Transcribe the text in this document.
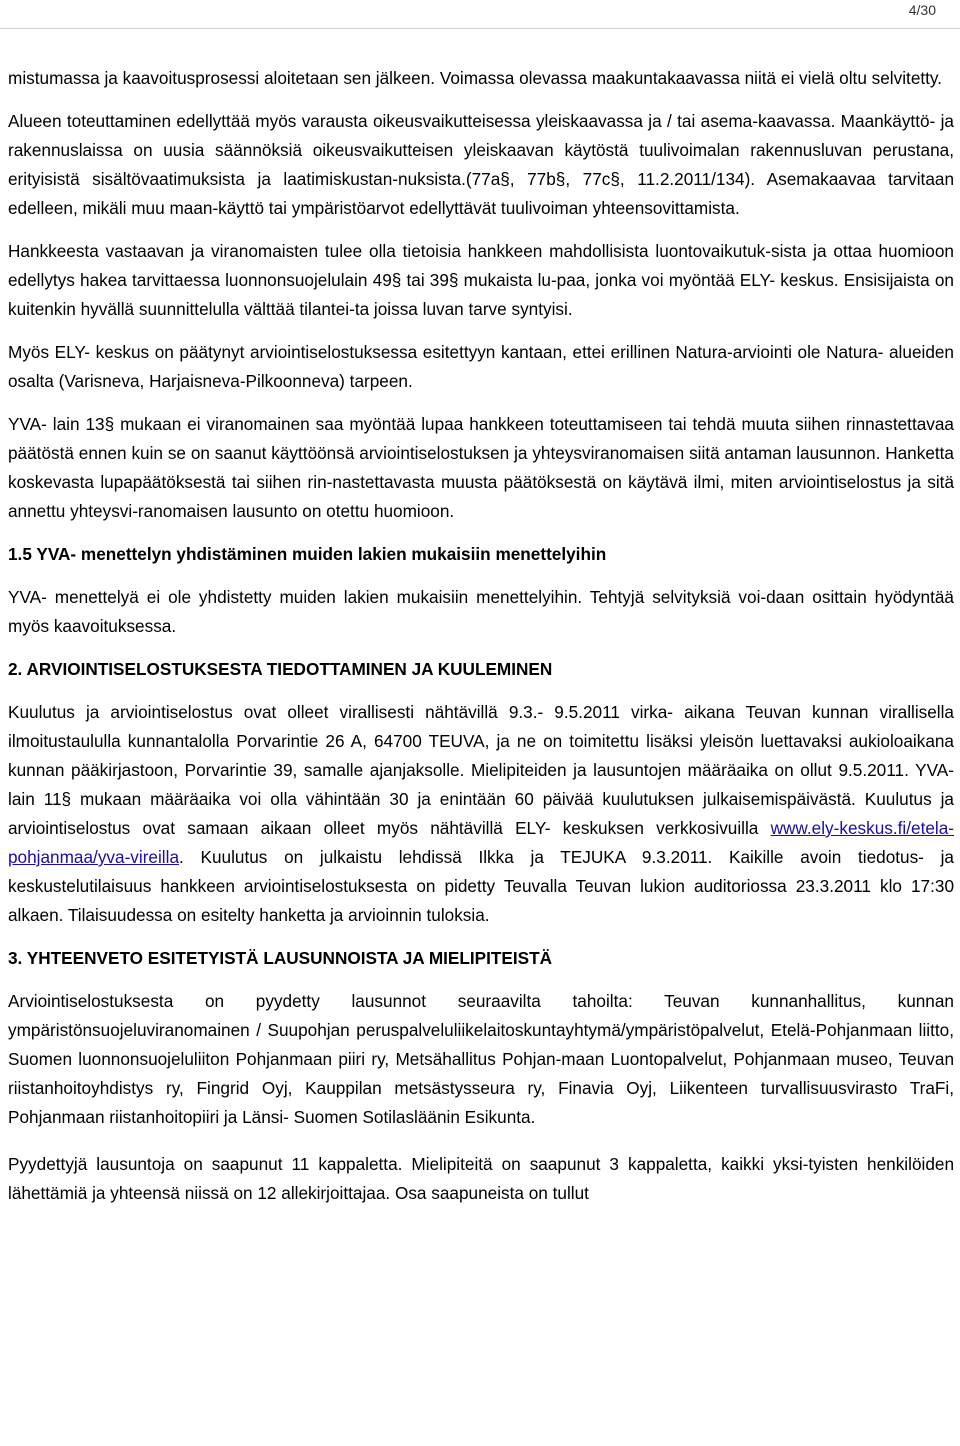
4/30

mistumassa ja kaavoitusprosessi aloitetaan sen jälkeen. Voimassa olevassa maakuntakaavassa niitä ei vielä oltu selvitetty.

Alueen toteuttaminen edellyttää myös varausta oikeusvaikutteisessa yleiskaavassa ja / tai asema-kaavassa. Maankäyttö- ja rakennuslaissa on uusia säännöksiä oikeusvaikutteisen yleiskaavan käytöstä tuulivoimalan rakennusluvan perustana, erityisistä sisältövaatimuksista ja laatimiskustan-nuksista.(77a§, 77b§, 77c§, 11.2.2011/134). Asemakaavaa tarvitaan edelleen, mikäli muu maan-käyttö tai ympäristöarvot edellyttävät tuulivoiman yhteensovittamista.

Hankkeesta vastaavan ja viranomaisten tulee olla tietoisia hankkeen mahdollisista luontovaikutuk-sista ja ottaa huomioon edellytys hakea tarvittaessa luonnonsuojelulain 49§ tai 39§ mukaista lu-paa, jonka voi myöntää ELY- keskus. Ensisijaista on kuitenkin hyvällä suunnittelulla välttää tilantei-ta joissa luvan tarve syntyisi.

Myös ELY- keskus on päätynyt arviointiselostuksessa esitettyyn kantaan, ettei erillinen Natura-arviointi ole Natura- alueiden osalta (Varisneva, Harjaisneva-Pilkoonneva) tarpeen.

YVA- lain 13§ mukaan ei viranomainen saa myöntää lupaa hankkeen toteuttamiseen tai tehdä muuta siihen rinnastettavaa päätöstä ennen kuin se on saanut käyttöönsä arviointiselostuksen ja yhteysviranomaisen siitä antaman lausunnon. Hanketta koskevasta lupapäätöksestä tai siihen rin-nastettavasta muusta päätöksestä on käytävä ilmi, miten arviointiselostus ja sitä annettu yhteysvi-ranomaisen lausunto on otettu huomioon.

1.5 YVA- menettelyn yhdistäminen muiden lakien mukaisiin menettelyihin

YVA- menettelyä ei ole yhdistetty muiden lakien mukaisiin menettelyihin. Tehtyjä selvityksiä voi-daan osittain hyödyntää myös kaavoituksessa.

2. ARVIOINTISELOSTUKSESTA TIEDOTTAMINEN JA KUULEMINEN

Kuulutus ja arviointiselostus ovat olleet virallisesti nähtävillä 9.3.- 9.5.2011 virka- aikana Teuvan kunnan virallisella ilmoitustaululla kunnantalolla Porvarintie 26 A, 64700 TEUVA, ja ne on toimitettu lisäksi yleisön luettavaksi aukioloaikana kunnan pääkirjastoon, Porvarintie 39, samalle ajanjaksolle. Mielipiteiden ja lausuntojen määräaika on ollut 9.5.2011. YVA- lain 11§ mukaan määräaika voi olla vähintään 30 ja enintään 60 päivää kuulutuksen julkaisemispäivästä. Kuulutus ja arviointiselostus ovat samaan aikaan olleet myös nähtävillä ELY- keskuksen verkkosivuilla www.ely-keskus.fi/etela-pohjanmaa/yva-vireilla. Kuulutus on julkaistu lehdissä Ilkka ja TEJUKA 9.3.2011. Kaikille avoin tiedotus- ja keskustelutilaisuus hankkeen arviointiselostuksesta on pidetty Teuvalla Teuvan lukion auditoriossa 23.3.2011 klo 17:30 alkaen. Tilaisuudessa on esitelty hanketta ja arvioinnin tuloksia.

3. YHTEENVETO ESITETYISTÄ LAUSUNNOISTA JA MIELIPITEISTÄ

Arviointiselostuksesta on pyydetty lausunnot seuraavilta tahoilta: Teuvan kunnanhallitus, kunnan ympäristönsuojeluviranomainen / Suupohjan peruspalveluliikelaitoskuntayhtymä/ympäristöpalvelut, Etelä-Pohjanmaan liitto, Suomen luonnonsuojeluliiton Pohjanmaan piiri ry, Metsähallitus Pohjan-maan Luontopalvelut, Pohjanmaan museo, Teuvan riistanhoitoyhdistys ry, Fingrid Oyj, Kauppilan metsästysseura ry, Finavia Oyj, Liikenteen turvallisuusvirasto TraFi, Pohjanmaan riistanhoitopiiri ja Länsi- Suomen Sotilasläänin Esikunta.

Pyydettyjä lausuntoja on saapunut 11 kappaletta. Mielipiteitä on saapunut 3 kappaletta, kaikki yksi-tyisten henkilöiden lähettämiä ja yhteensä niissä on 12 allekirjoittajaa. Osa saapuneista on tullut
